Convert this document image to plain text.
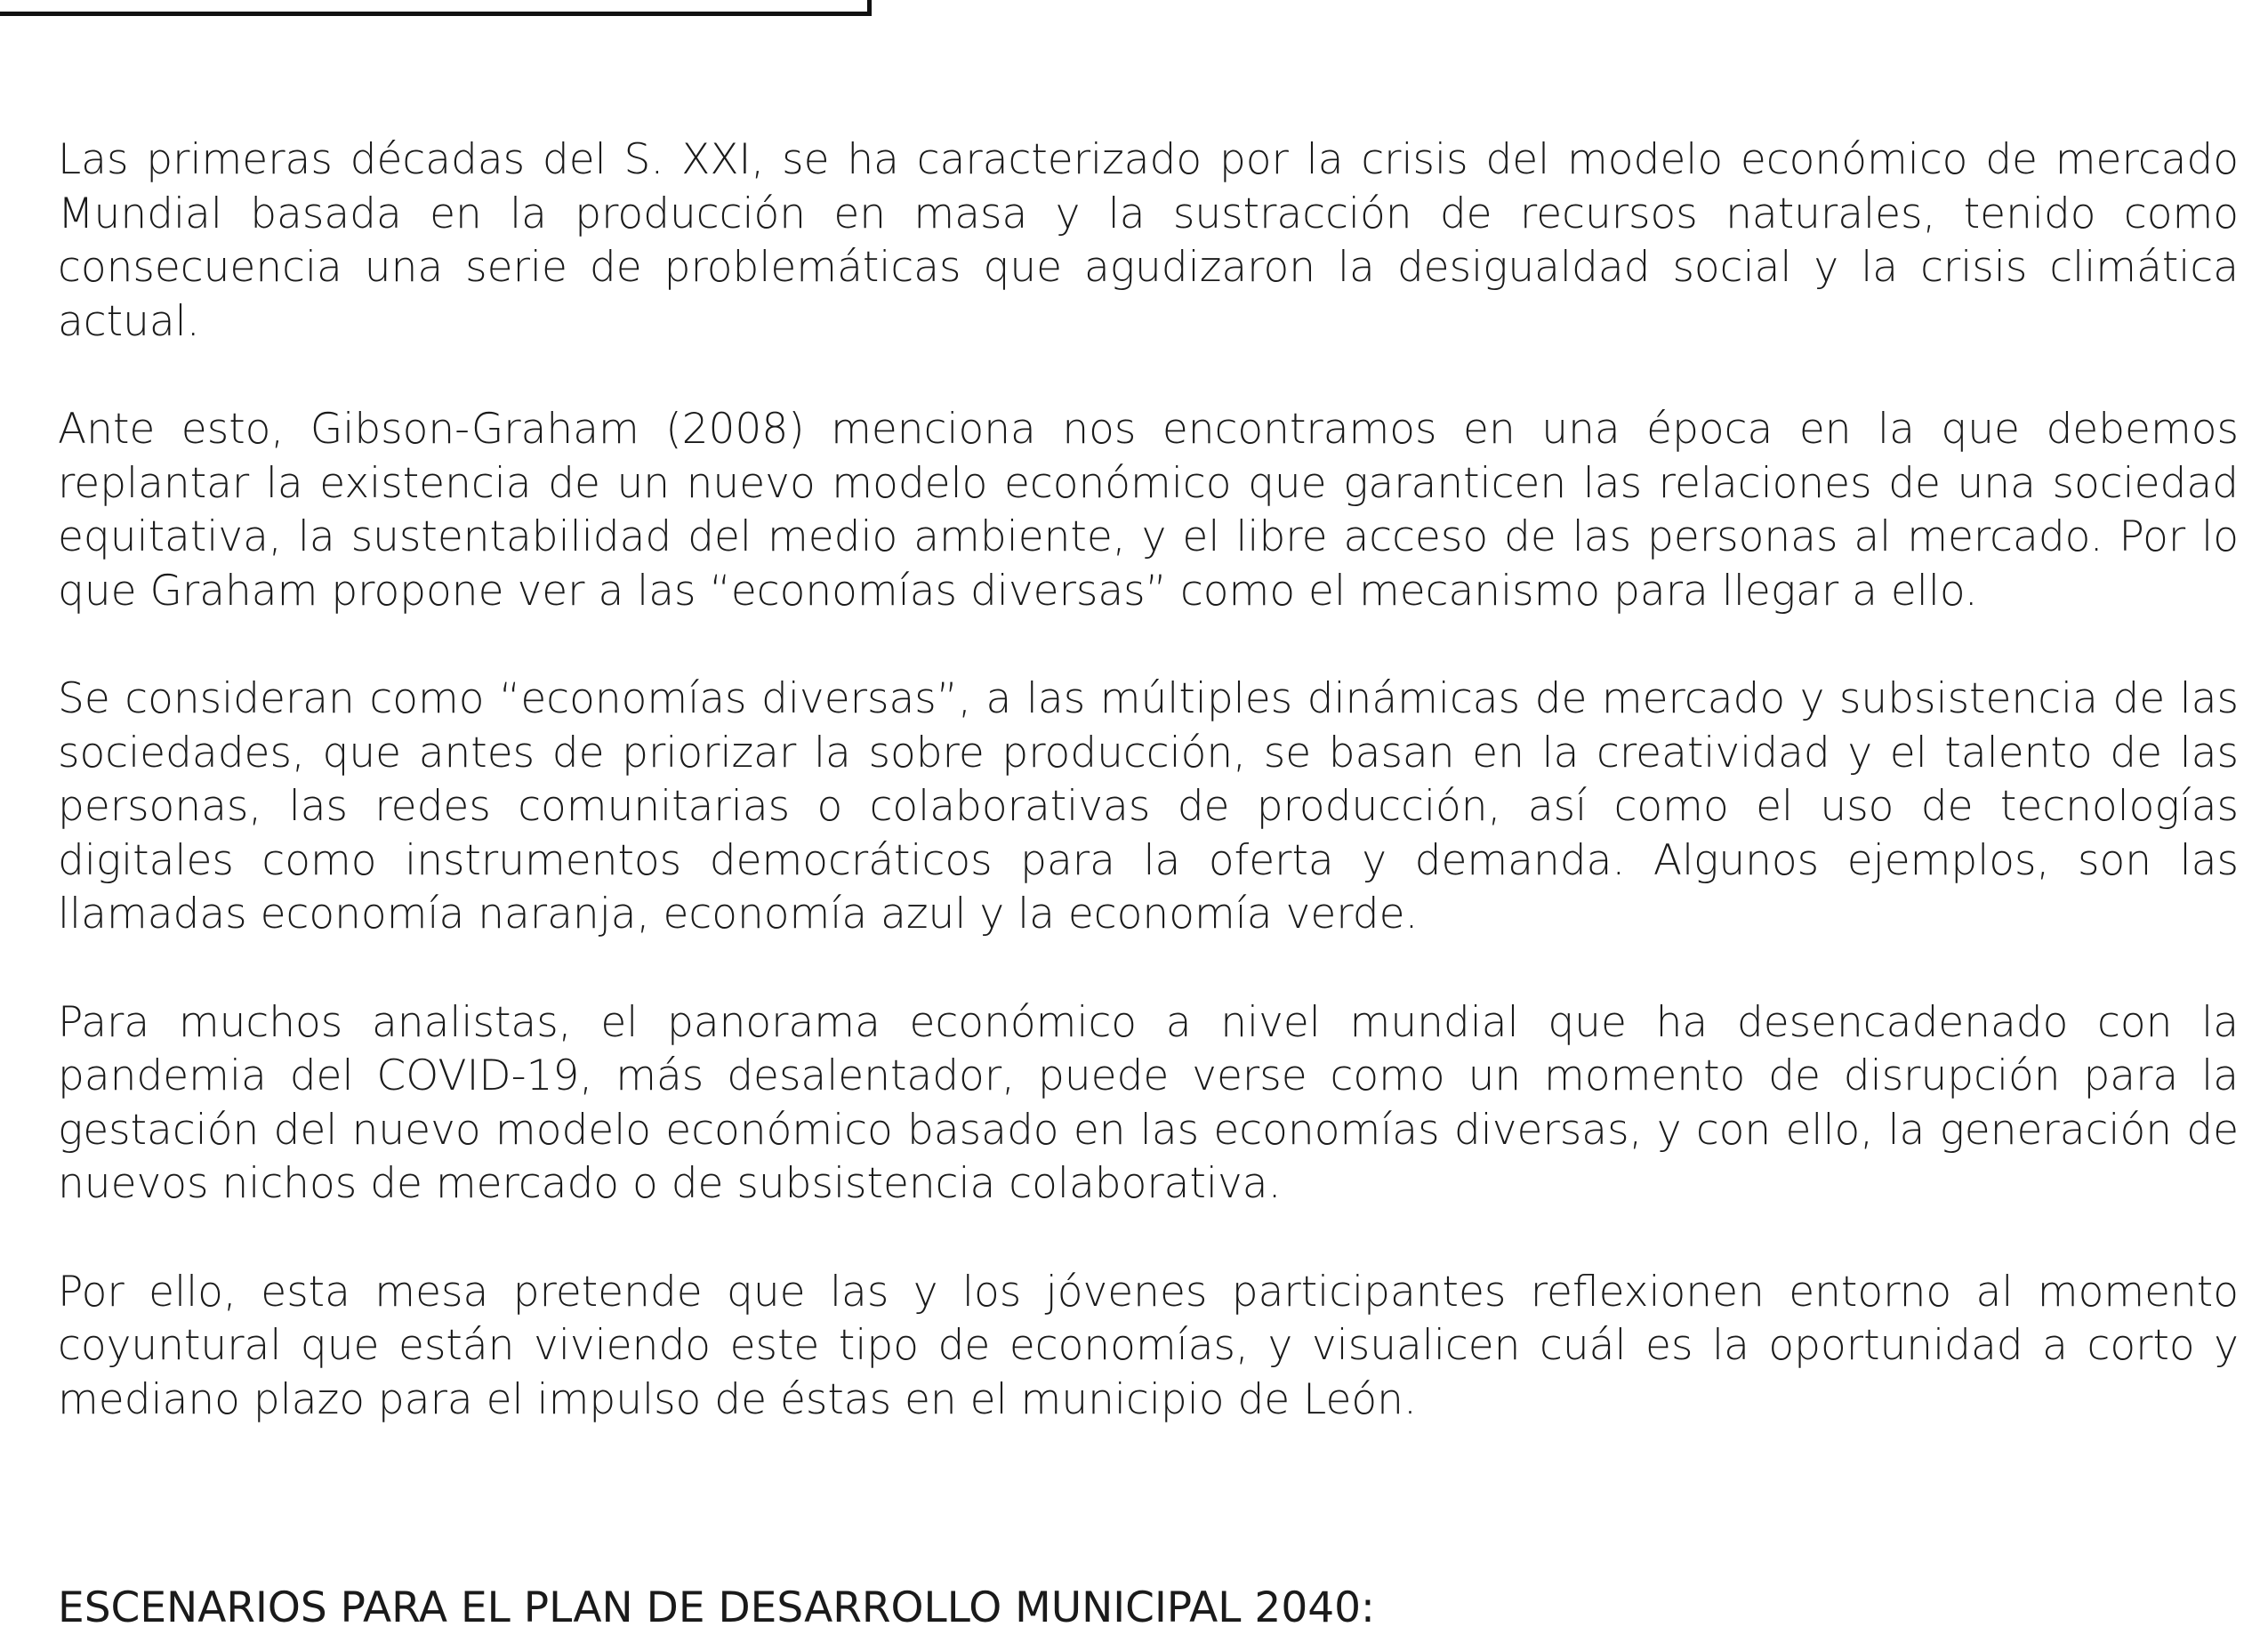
Las primeras décadas del S. XXI, se ha caracterizado por la crisis del modelo económico de mercado Mundial basada en la producción en masa y la sustracción de recursos naturales, tenido como consecuencia una serie de problemáticas que agudizaron la desigualdad social y la crisis climática actual.

Ante esto, Gibson-Graham (2008) menciona nos encontramos en una época en la que debemos replantar la existencia de un nuevo modelo económico que garanticen las relaciones de una sociedad equitativa, la sustentabilidad del medio ambiente, y el libre acceso de las personas al mercado. Por lo que Graham propone ver a las “economías diversas” como el mecanismo para llegar a ello.

Se consideran como “economías diversas”, a las múltiples dinámicas de mercado y subsistencia de las sociedades, que antes de priorizar la sobre producción, se basan en la creatividad y el talento de las personas, las redes comunitarias o colaborativas de producción, así como el uso de tecnologías digitales como instrumentos democráticos para la oferta y demanda. Algunos ejemplos, son las llamadas economía naranja, economía azul y la economía verde.

Para muchos analistas, el panorama económico a nivel mundial que ha desencadenado con la pandemia del COVID-19, más desalentador, puede verse como un momento de disrupción para la gestación del nuevo modelo económico basado en las economías diversas, y con ello, la generación de nuevos nichos de mercado o de subsistencia colaborativa.

Por ello, esta mesa pretende que las y los jóvenes participantes reflexionen entorno al momento coyuntural que están viviendo este tipo de economías, y visualicen cuál es la oportunidad a corto y mediano plazo para el impulso de éstas en el municipio de León.

ESCENARIOS PARA EL PLAN DE DESARROLLO MUNICIPAL 2040:
